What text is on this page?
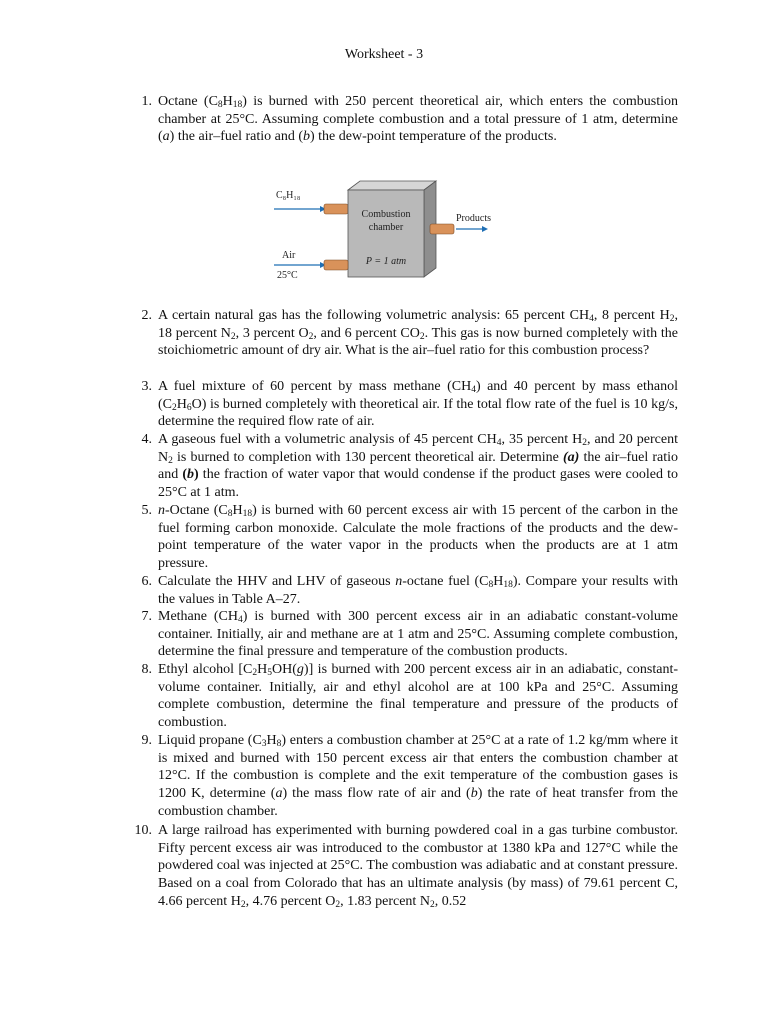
Worksheet - 3
C₈H₁₈
Combustion
chamber
P = 1 atm
Products
Air
25°C
1. Octane $(C_8H_{18})$ is burned with 250 percent theoretical air, which enters the combustion chamber at 25°C. Assuming complete combustion and a total pressure of 1 atm, determine (a) the air–fuel ratio and (b) the dew-point temperature of the products.
2. A certain natural gas has the following volumetric analysis: 65 percent $CH_4$, 8 percent $H_2$, 18 percent $N_2$, 3 percent $O_2$, and 6 percent $CO_2$. This gas is now burned completely with the stoichiometric amount of dry air. What is the air–fuel ratio for this combustion process?
3. A fuel mixture of 60 percent by mass methane $(CH_4)$ and 40 percent by mass ethanol $(C_2H_6O)$ is burned completely with theoretical air. If the total flow rate of the fuel is 10 kg/s, determine the required flow rate of air.
4. A gaseous fuel with a volumetric analysis of 45 percent $CH_4$, 35 percent $H_2$, and 20 percent $N_2$ is burned to completion with 130 percent theoretical air. Determine (a) the air–fuel ratio and (b) the fraction of water vapor that would condense if the product gases were cooled to 25°C at 1 atm.
5. n-Octane $(C_8H_{18})$ is burned with 60 percent excess air with 15 percent of the carbon in the fuel forming carbon monoxide. Calculate the mole fractions of the products and the dew-point temperature of the water vapor in the products when the products are at 1 atm pressure.
6. Calculate the HHV and LHV of gaseous n-octane fuel $(C_8H_{18})$. Compare your results with the values in Table A–27.
7. Methane $(CH_4)$ is burned with 300 percent excess air in an adiabatic constant-volume container. Initially, air and methane are at 1 atm and 25°C. Assuming complete combustion, determine the final pressure and temperature of the combustion products.
8. Ethyl alcohol $[C_2H_5OH(g)]$ is burned with 200 percent excess air in an adiabatic, constant-volume container. Initially, air and ethyl alcohol are at 100 kPa and 25°C. Assuming complete combustion, determine the final temperature and pressure of the products of combustion.
9. Liquid propane $(C_3H_8)$ enters a combustion chamber at 25°C at a rate of 1.2 kg/mm where it is mixed and burned with 150 percent excess air that enters the combustion chamber at 12°C. If the combustion is complete and the exit temperature of the combustion gases is 1200 K, determine (a) the mass flow rate of air and (b) the rate of heat transfer from the combustion chamber.
10. A large railroad has experimented with burning powdered coal in a gas turbine combustor. Fifty percent excess air was introduced to the combustor at 1380 kPa and 127°C while the powdered coal was injected at 25°C. The combustion was adiabatic and at constant pressure. Based on a coal from Colorado that has an ultimate analysis (by mass) of 79.61 percent C, 4.66 percent $H_2$, 4.76 percent $O_2$, 1.83 percent $N_2$, 0.52
